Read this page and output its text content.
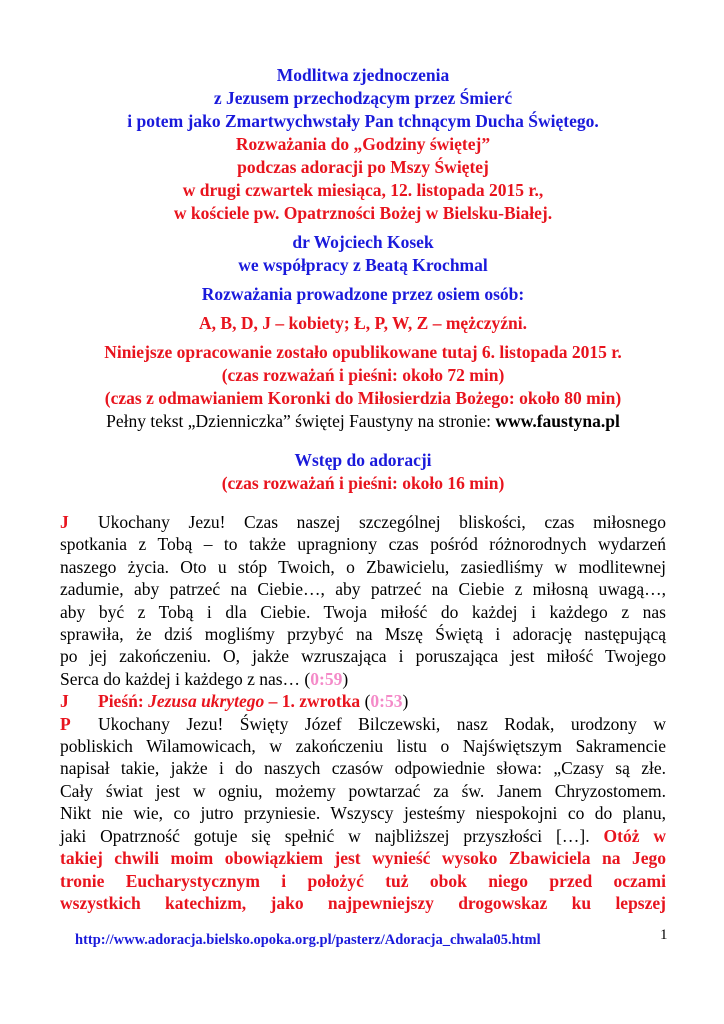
Modlitwa zjednoczenia
z Jezusem przechodzącym przez Śmierć
i potem jako Zmartwychwstały Pan tchnącym Ducha Świętego.
Rozważania do „Godziny świętej”
podczas adoracji po Mszy Świętej
w drugi czwartek miesiąca, 12. listopada 2015 r.,
w kościele pw. Opatrzności Bożej w Bielsku-Białej.
dr Wojciech Kosek
we współpracy z Beatą Krochmal
Rozważania prowadzone przez osiem osób:
A, B, D, J – kobiety; Ł, P, W, Z – mężczyźni.
Niniejsze opracowanie zostało opublikowane tutaj 6. listopada 2015 r.
(czas rozważań i pieśni: około 72 min)
(czas z odmawianiem Koronki do Miłosierdzia Bożego: około 80 min)
Pełny tekst „Dzienniczka” świętej Faustyny na stronie: www.faustyna.pl
Wstęp do adoracji
(czas rozważań i pieśni: około 16 min)
J Ukochany Jezu! Czas naszej szczególnej bliskości, czas miłosnego
spotkania z Tobą – to także upragniony czas pośród różnorodnych wydarzeń
naszego życia. Oto u stóp Twoich, o Zbawicielu, zasiedliśmy w modlitewnej
zadumie, aby patrzeć na Ciebie…, aby patrzeć na Ciebie z miłosną uwagą…,
aby być z Tobą i dla Ciebie. Twoja miłość do każdej i każdego z nas
sprawiła, że dziś mogliśmy przybyć na Mszę Świętą i adorację następującą
po jej zakończeniu. O, jakże wzruszająca i poruszająca jest miłość Twojego
Serca do każdej i każdego z nas… (0:59)
J Pieśń: Jezusa ukrytego – 1. zwrotka (0:53)
P Ukochany Jezu! Święty Józef Bilczewski, nasz Rodak, urodzony w
pobliskich Wilamowicach, w zakończeniu listu o Najświętszym Sakramencie
napisał takie, jakże i do naszych czasów odpowiednie słowa: „Czasy są złe.
Cały świat jest w ogniu, możemy powtarzać za św. Janem Chryzostomem.
Nikt nie wie, co jutro przyniesie. Wszyscy jesteśmy niespokojni co do planu,
jaki Opatrzność gotuje się spełnić w najbliższej przyszłości […]. Otóż w
takiej chwili moim obowiązkiem jest wynieść wysoko Zbawiciela na Jego
tronie Eucharystycznym i położyć tuż obok niego przed oczami
wszystkich katechizm, jako najpewniejszy drogowskaz ku lepszej
http://www.adoracja.bielsko.opoka.org.pl/pasterz/Adoracja_chwala05.html	1
